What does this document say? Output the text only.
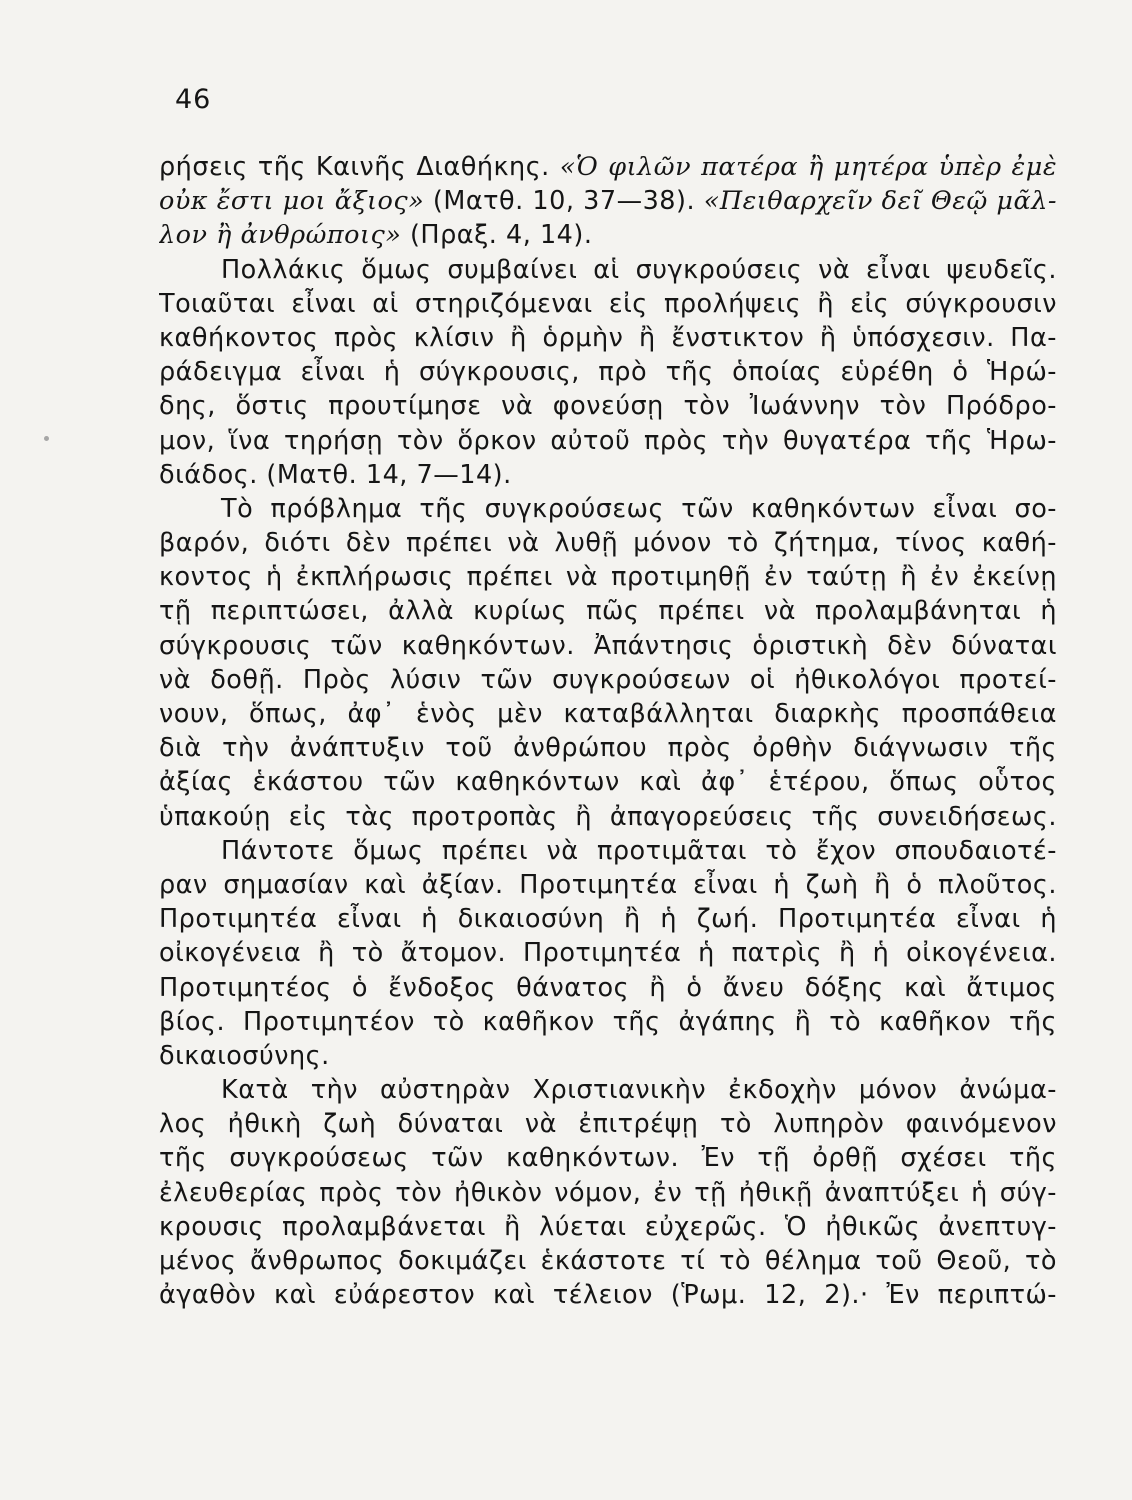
46
ρήσεις τῆς Καινῆς Διαθήκης. «Ὁ φιλῶν πατέρα ἢ μητέρα ὑπὲρ ἐμὲ
οὐκ ἔστι μοι ἄξιος» (Ματθ. 10, 37—38). «Πειθαρχεῖν δεῖ Θεῷ μᾶλ-
λον ἢ ἀνθρώποις» (Πραξ. 4, 14).
Πολλάκις ὅμως συμβαίνει αἱ συγκρούσεις νὰ εἶναι ψευδεῖς.
Τοιαῦται εἶναι αἱ στηριζόμεναι εἰς προλήψεις ἢ εἰς σύγκρουσιν
καθήκοντος πρὸς κλίσιν ἢ ὁρμὴν ἢ ἔνστικτον ἢ ὑπόσχεσιν. Πα-
ράδειγμα εἶναι ἡ σύγκρουσις, πρὸ τῆς ὁποίας εὑρέθη ὁ Ἡρώ-
δης, ὅστις προυτίμησε νὰ φονεύσῃ τὸν Ἰωάννην τὸν Πρόδρο-
μον, ἵνα τηρήσῃ τὸν ὅρκον αὐτοῦ πρὸς τὴν θυγατέρα τῆς Ἡρω-
διάδος. (Ματθ. 14, 7—14).
Τὸ πρόβλημα τῆς συγκρούσεως τῶν καθηκόντων εἶναι σο-
βαρόν, διότι δὲν πρέπει νὰ λυθῇ μόνον τὸ ζήτημα, τίνος καθή-
κοντος ἡ ἐκπλήρωσις πρέπει νὰ προτιμηθῇ ἐν ταύτῃ ἢ ἐν ἐκείνῃ
τῇ περιπτώσει, ἀλλὰ κυρίως πῶς πρέπει νὰ προλαμβάνηται ἡ
σύγκρουσις τῶν καθηκόντων. Ἀπάντησις ὁριστικὴ δὲν δύναται
νὰ δοθῇ. Πρὸς λύσιν τῶν συγκρούσεων οἱ ἠθικολόγοι προτεί-
νουν, ὅπως, ἀφ᾽ ἑνὸς μὲν καταβάλληται διαρκὴς προσπάθεια
διὰ τὴν ἀνάπτυξιν τοῦ ἀνθρώπου πρὸς ὀρθὴν διάγνωσιν τῆς
ἀξίας ἑκάστου τῶν καθηκόντων καὶ ἀφ᾽ ἑτέρου, ὅπως οὗτος
ὑπακούῃ εἰς τὰς προτροπὰς ἢ ἀπαγορεύσεις τῆς συνειδήσεως.
Πάντοτε ὅμως πρέπει νὰ προτιμᾶται τὸ ἔχον σπουδαιοτέ-
ραν σημασίαν καὶ ἀξίαν. Προτιμητέα εἶναι ἡ ζωὴ ἢ ὁ πλοῦτος.
Προτιμητέα εἶναι ἡ δικαιοσύνη ἢ ἡ ζωή. Προτιμητέα εἶναι ἡ
οἰκογένεια ἢ τὸ ἄτομον. Προτιμητέα ἡ πατρὶς ἢ ἡ οἰκογένεια.
Προτιμητέος ὁ ἔνδοξος θάνατος ἢ ὁ ἄνευ δόξης καὶ ἄτιμος
βίος. Προτιμητέον τὸ καθῆκον τῆς ἀγάπης ἢ τὸ καθῆκον τῆς
δικαιοσύνης.
Κατὰ τὴν αὐστηρὰν Χριστιανικὴν ἐκδοχὴν μόνον ἀνώμα-
λος ἠθικὴ ζωὴ δύναται νὰ ἐπιτρέψῃ τὸ λυπηρὸν φαινόμενον
τῆς συγκρούσεως τῶν καθηκόντων. Ἐν τῇ ὀρθῇ σχέσει τῆς
ἐλευθερίας πρὸς τὸν ἠθικὸν νόμον, ἐν τῇ ἠθικῇ ἀναπτύξει ἡ σύγ-
κρουσις προλαμβάνεται ἢ λύεται εὐχερῶς. Ὁ ἠθικῶς ἀνεπτυγ-
μένος ἄνθρωπος δοκιμάζει ἑκάστοτε τί τὸ θέλημα τοῦ Θεοῦ, τὸ
ἀγαθὸν καὶ εὐάρεστον καὶ τέλειον (Ῥωμ. 12, 2).· Ἐν περιπτώ-
